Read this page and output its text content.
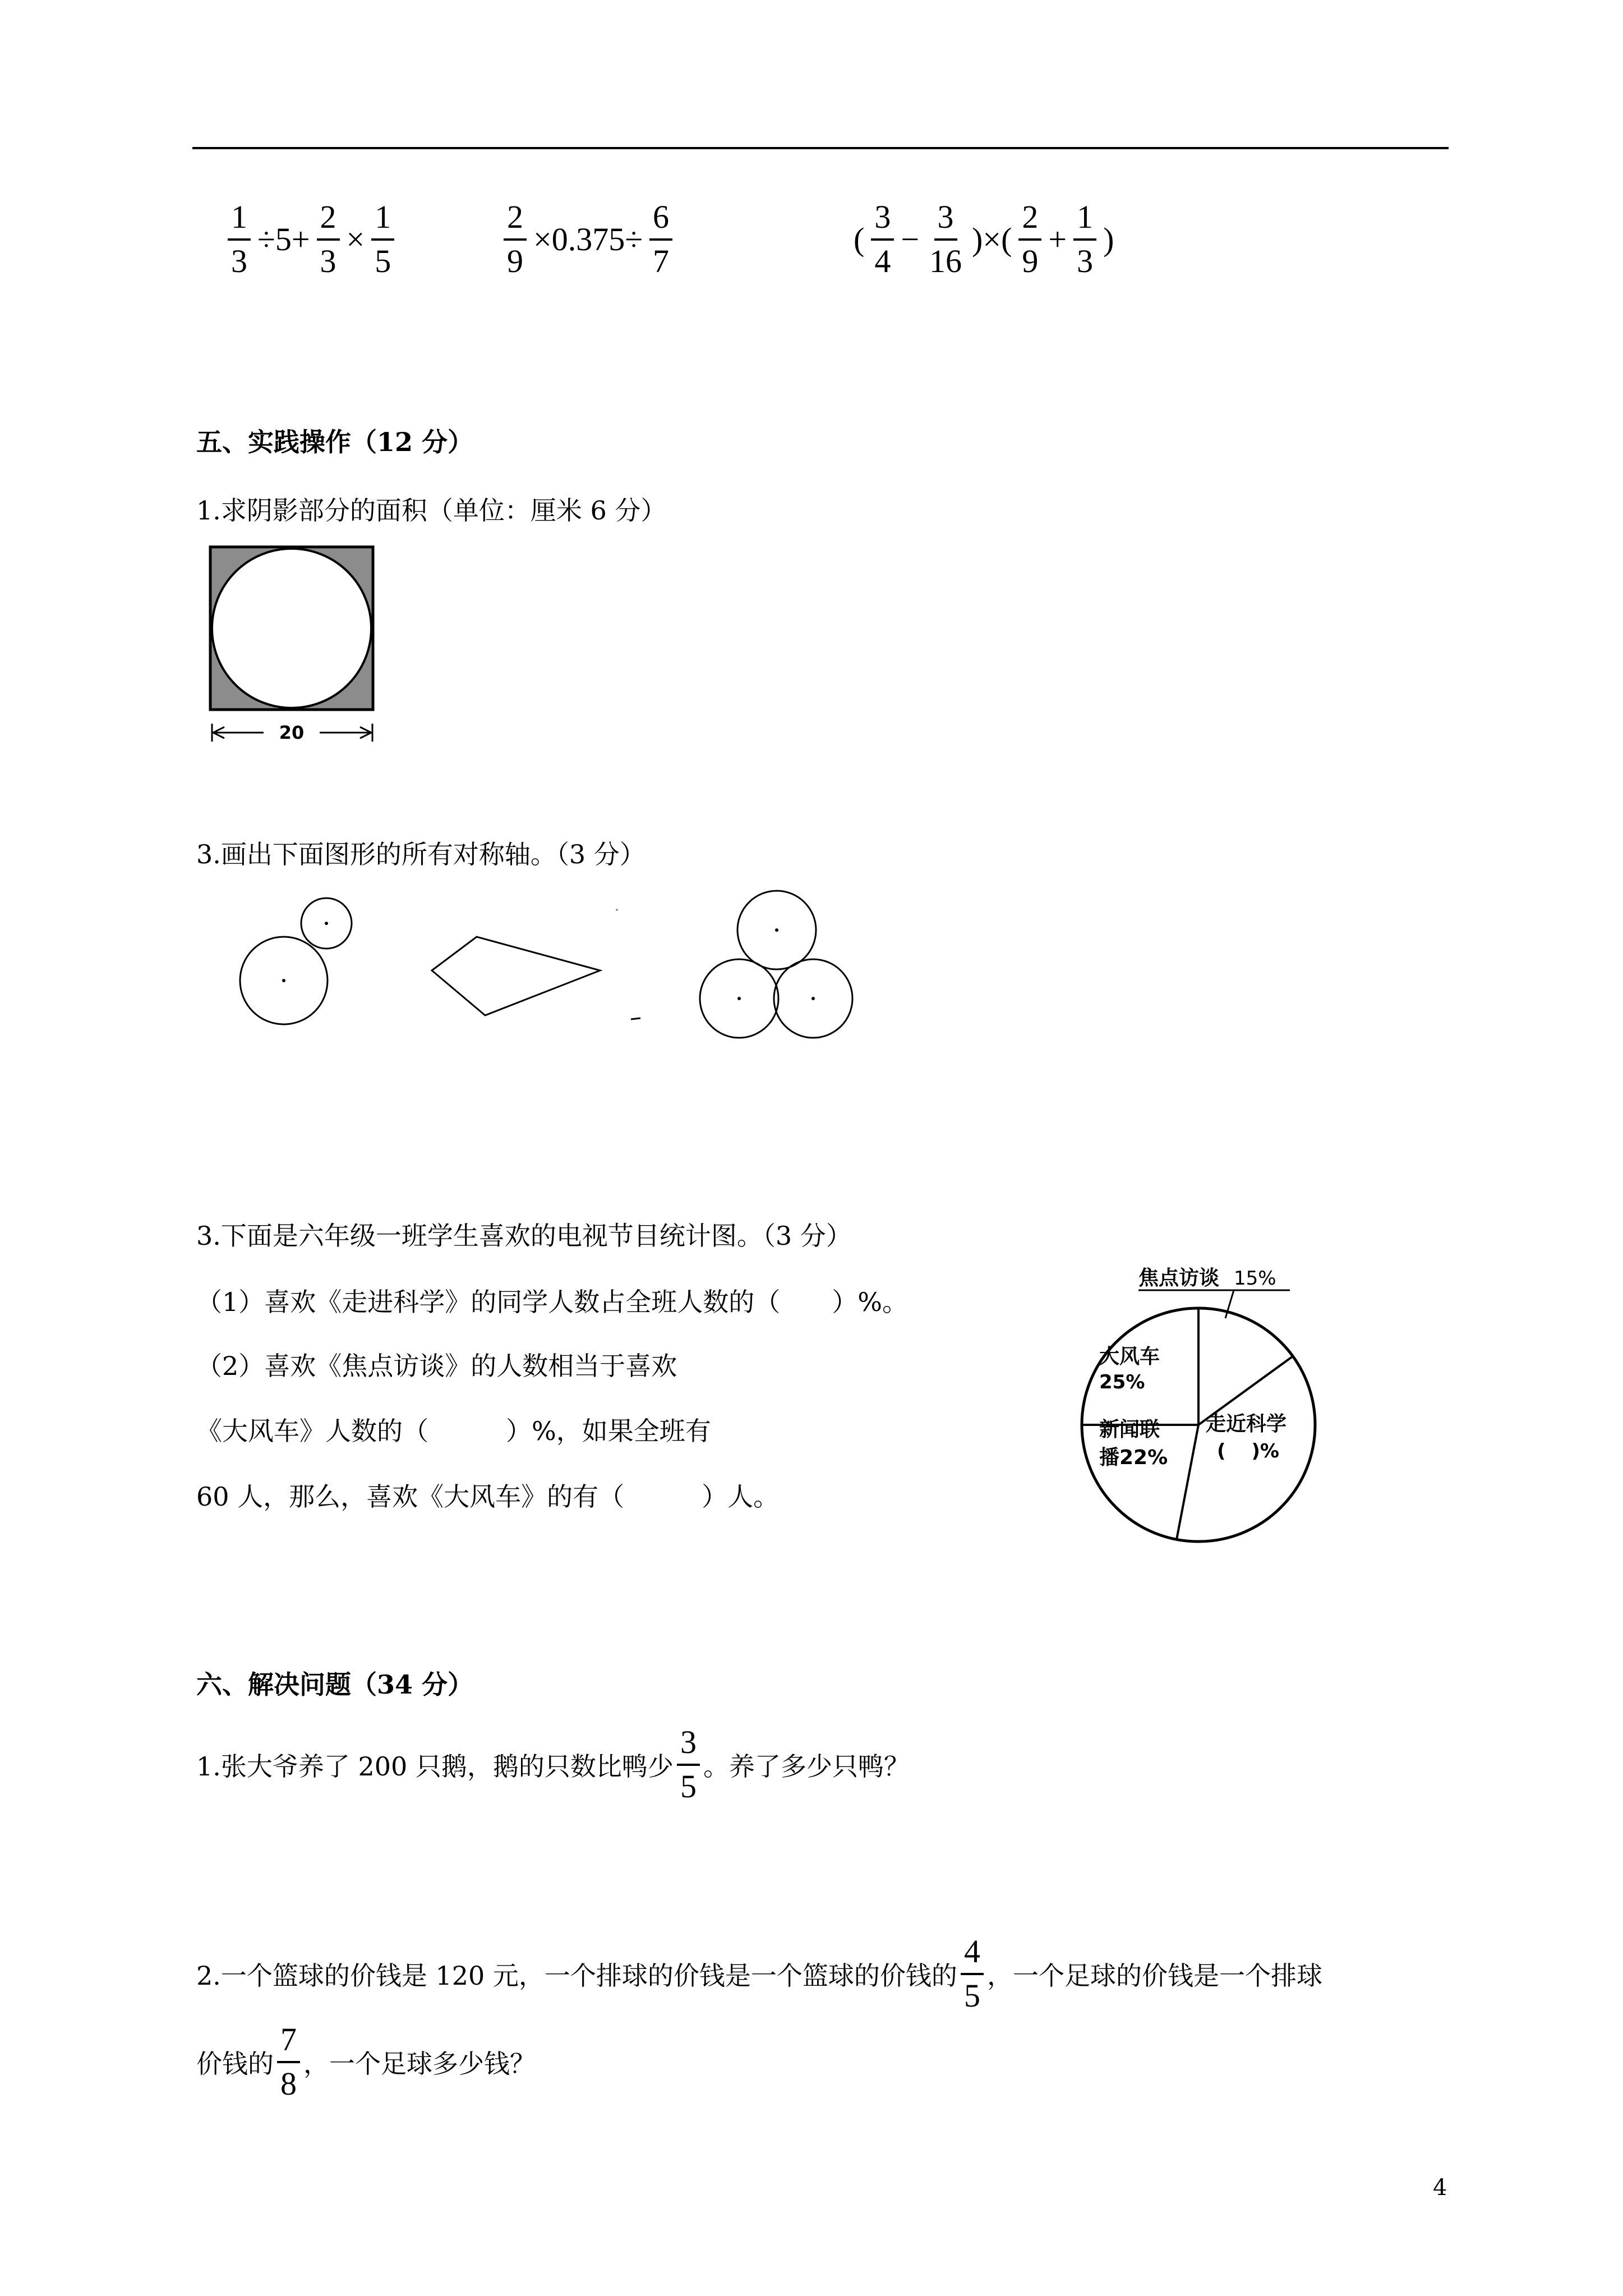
$\frac{1}{3} \div 5+ \frac{2}{3} \times \frac{1}{5}$	$\frac{2}{9} \times 0.375\div \frac{6}{7}$	( $\frac{3}{4} - \frac{3}{16}$ )×( $\frac{2}{9} + \frac{1}{3}$ )
五、实践操作（12 分）
1.求阴影部分的面积（单位：厘米 6 分）
20
3.画出下面图形的所有对称轴。（3 分）
3.下面是六年级一班学生喜欢的电视节目统计图。（3 分）
（1）喜欢《走进科学》的同学人数占全班人数的（　　）%。
（2）喜欢《焦点访谈》的人数相当于喜欢
《大风车》人数的（　　　）%，如果全班有
60 人，那么，喜欢《大风车》的有（　　　）人。
焦点访谈 15%
大风车
25%
新闻联
播22%
走近科学
(　 )%
六、解决问题（34 分）
1.张大爷养了 200 只鹅，鹅的只数比鸭少 $\frac{3}{5}$ 。养了多少只鸭？
2.一个篮球的价钱是 120 元，一个排球的价钱是一个篮球的价钱的 $\frac{4}{5}$ ，一个足球的价钱是一个排球
价钱的 $\frac{7}{8}$ ，一个足球多少钱？
4
